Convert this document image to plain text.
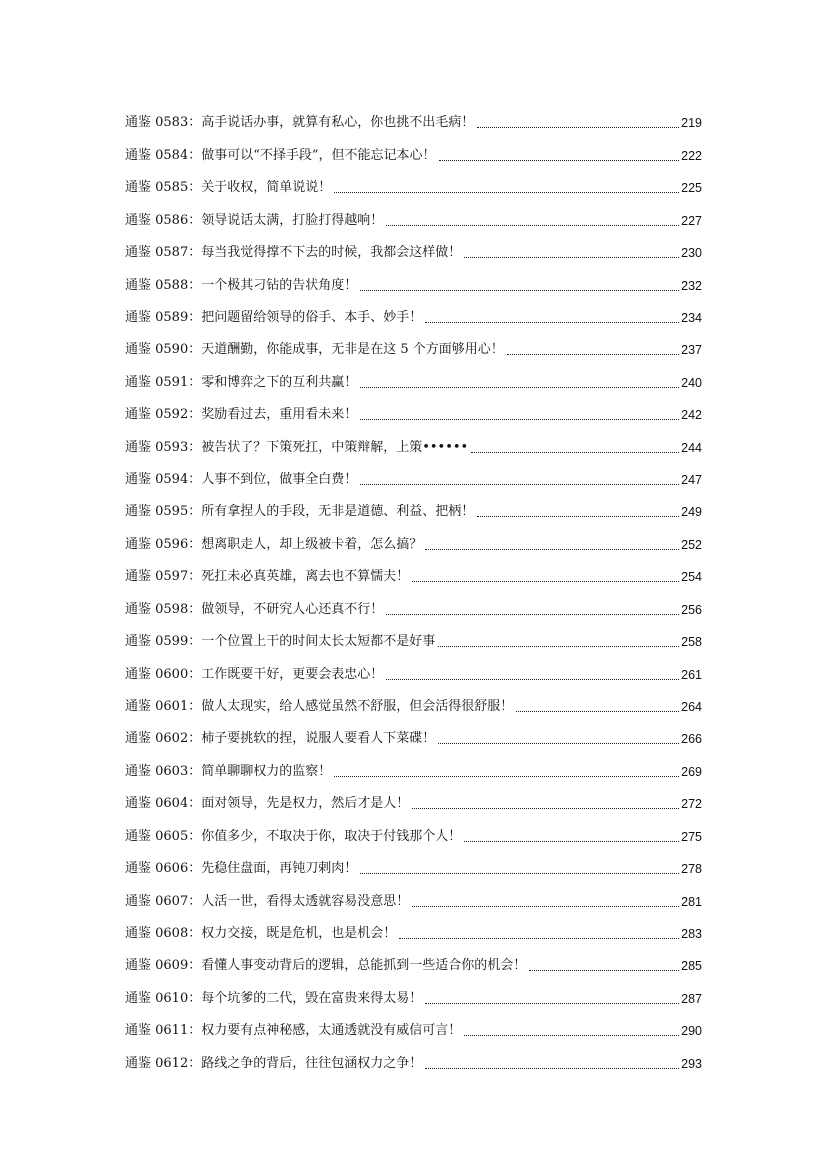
通鉴 0583：高手说话办事，就算有私心，你也挑不出毛病！	219
通鉴 0584：做事可以“不择手段”，但不能忘记本心！	222
通鉴 0585：关于收权，简单说说！	225
通鉴 0586：领导说话太满，打脸打得越响！	227
通鉴 0587：每当我觉得撑不下去的时候，我都会这样做！	230
通鉴 0588：一个极其刁钻的告状角度！	232
通鉴 0589：把问题留给领导的俗手、本手、妙手！	234
通鉴 0590：天道酬勤，你能成事，无非是在这 5 个方面够用心！	237
通鉴 0591：零和博弈之下的互利共赢！	240
通鉴 0592：奖励看过去，重用看未来！	242
通鉴 0593：被告状了？下策死扛，中策辩解，上策••••••	244
通鉴 0594：人事不到位，做事全白费！	247
通鉴 0595：所有拿捏人的手段，无非是道德、利益、把柄！	249
通鉴 0596：想离职走人，却上级被卡着，怎么搞？	252
通鉴 0597：死扛未必真英雄，离去也不算懦夫！	254
通鉴 0598：做领导，不研究人心还真不行！	256
通鉴 0599：一个位置上干的时间太长太短都不是好事	258
通鉴 0600：工作既要干好，更要会表忠心！	261
通鉴 0601：做人太现实，给人感觉虽然不舒服，但会活得很舒服！	264
通鉴 0602：柿子要挑软的捏，说服人要看人下菜碟！	266
通鉴 0603：简单聊聊权力的监察！	269
通鉴 0604：面对领导，先是权力，然后才是人！	272
通鉴 0605：你值多少，不取决于你，取决于付钱那个人！	275
通鉴 0606：先稳住盘面，再钝刀剌肉！	278
通鉴 0607：人活一世，看得太透就容易没意思！	281
通鉴 0608：权力交接，既是危机，也是机会！	283
通鉴 0609：看懂人事变动背后的逻辑，总能抓到一些适合你的机会！	285
通鉴 0610：每个坑爹的二代，毁在富贵来得太易！	287
通鉴 0611：权力要有点神秘感，太通透就没有威信可言！	290
通鉴 0612：路线之争的背后，往往包涵权力之争！	293
